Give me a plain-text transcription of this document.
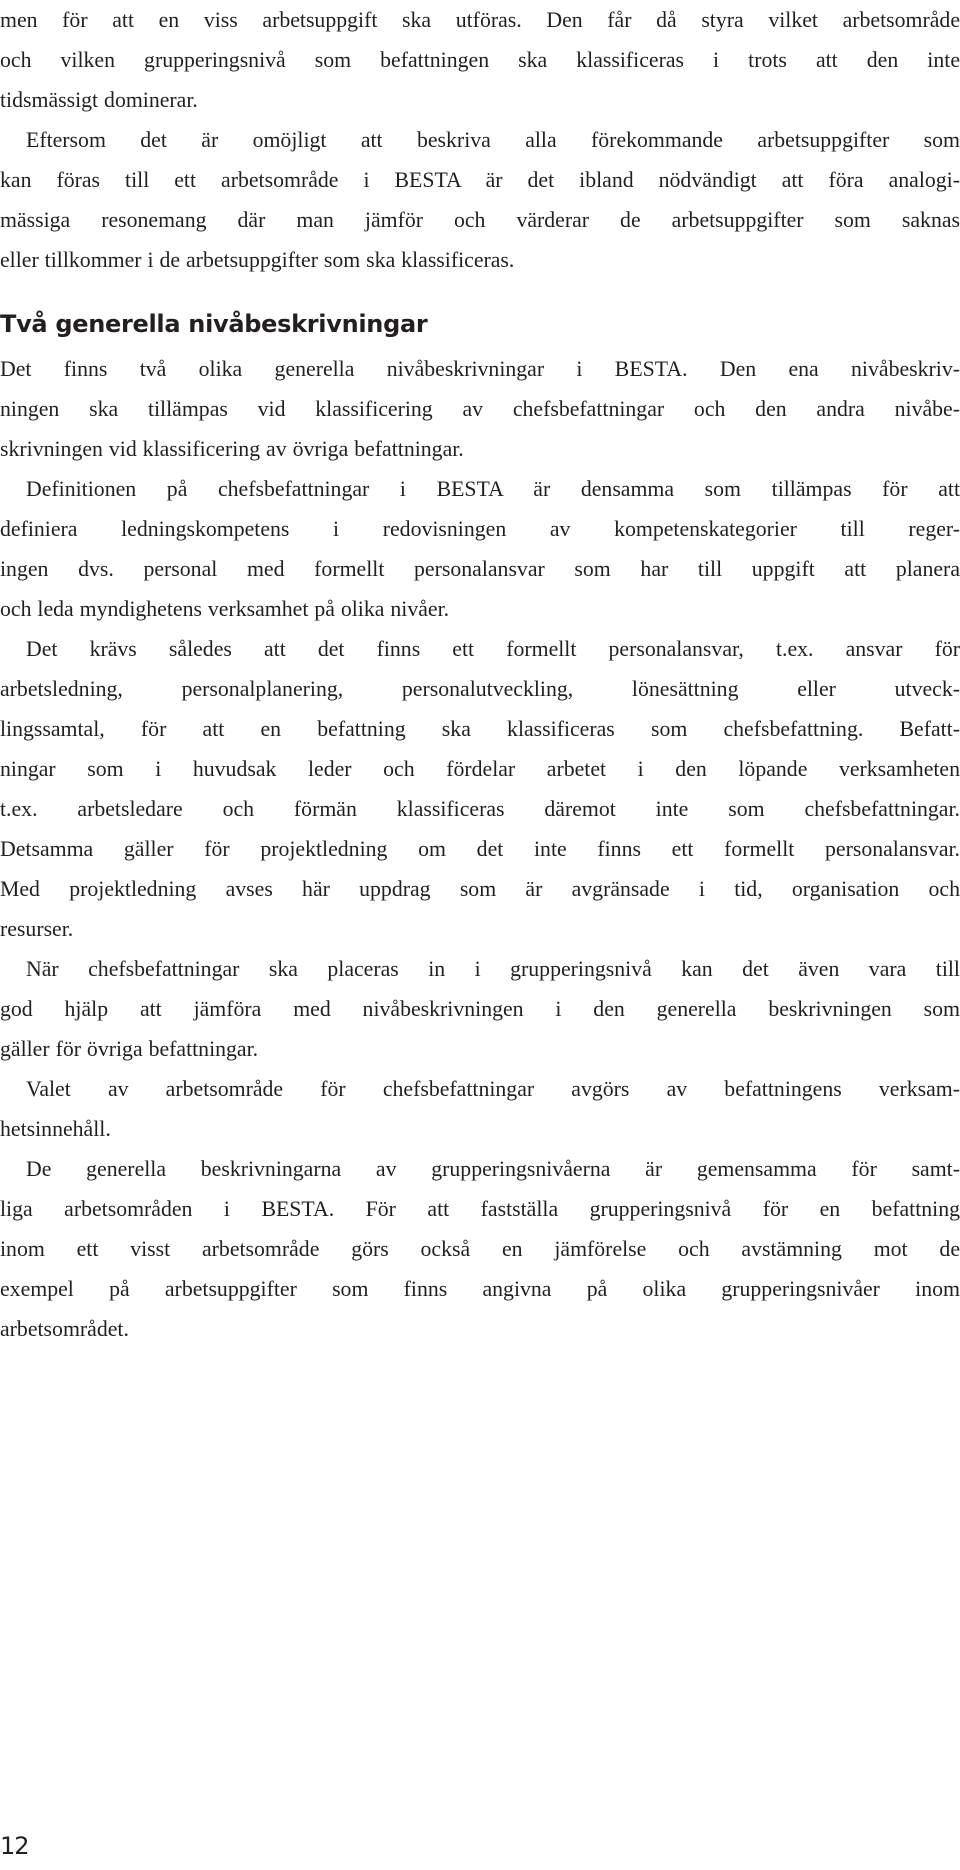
men för att en viss arbetsuppgift ska utföras. Den får då styra vilket arbetsområde
och vilken grupperingsnivå som befattningen ska klassificeras i trots att den inte
tidsmässigt dominerar.

Eftersom det är omöjligt att beskriva alla förekommande arbetsuppgifter som
kan föras till ett arbetsområde i BESTA är det ibland nödvändigt att föra analogi-
mässiga resonemang där man jämför och värderar de arbetsuppgifter som saknas
eller tillkommer i de arbetsuppgifter som ska klassificeras.

Två generella nivåbeskrivningar

Det finns två olika generella nivåbeskrivningar i BESTA. Den ena nivåbeskriv-
ningen ska tillämpas vid klassificering av chefsbefattningar och den andra nivåbe-
skrivningen vid klassificering av övriga befattningar.

Definitionen på chefsbefattningar i BESTA är densamma som tillämpas för att
definiera ledningskompetens i redovisningen av kompetenskategorier till reger-
ingen dvs. personal med formellt personalansvar som har till uppgift att planera
och leda myndighetens verksamhet på olika nivåer.

Det krävs således att det finns ett formellt personalansvar, t.ex. ansvar för
arbetsledning, personalplanering, personalutveckling, lönesättning eller utveck-
lingssamtal, för att en befattning ska klassificeras som chefsbefattning. Befatt-
ningar som i huvudsak leder och fördelar arbetet i den löpande verksamheten
t.ex. arbetsledare och förmän klassificeras däremot inte som chefsbefattningar.
Detsamma gäller för projektledning om det inte finns ett formellt personalansvar.
Med projektledning avses här uppdrag som är avgränsade i tid, organisation och
resurser.

När chefsbefattningar ska placeras in i grupperingsnivå kan det även vara till
god hjälp att jämföra med nivåbeskrivningen i den generella beskrivningen som
gäller för övriga befattningar.

Valet av arbetsområde för chefsbefattningar avgörs av befattningens verksam-
hetsinnehåll.

De generella beskrivningarna av grupperingsnivåerna är gemensamma för samt-
liga arbetsområden i BESTA. För att fastställa grupperingsnivå för en befattning
inom ett visst arbetsområde görs också en jämförelse och avstämning mot de
exempel på arbetsuppgifter som finns angivna på olika grupperingsnivåer inom
arbetsområdet.

12
